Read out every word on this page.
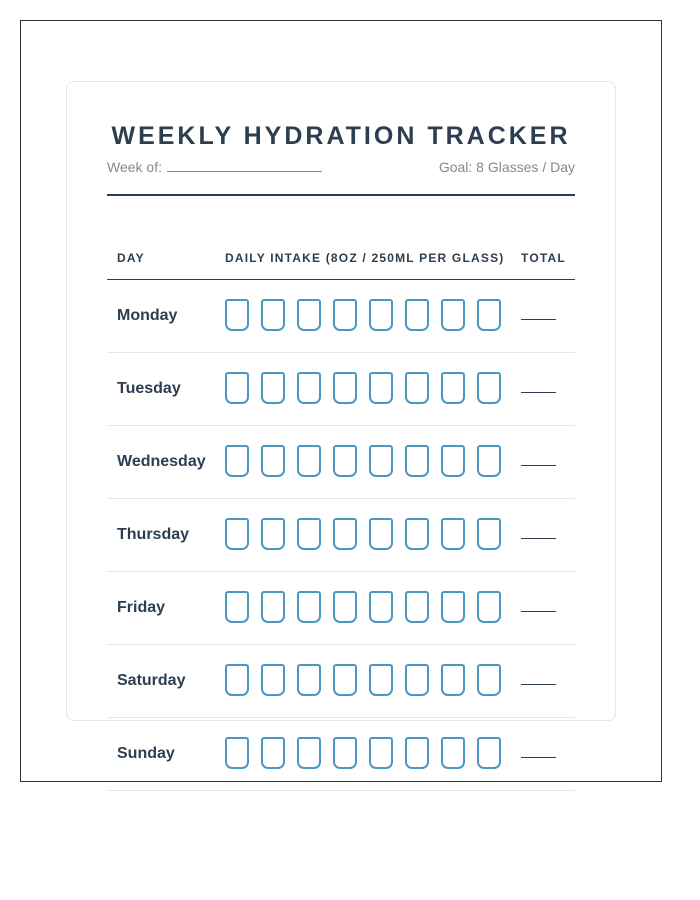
WEEKLY HYDRATION TRACKER
Week of:	Goal: 8 Glasses / Day
DAY	DAILY INTAKE (8OZ / 250ML PER GLASS)	TOTAL
Monday	

Tuesday	

Wednesday	

Thursday	

Friday	

Saturday	

Sunday	
